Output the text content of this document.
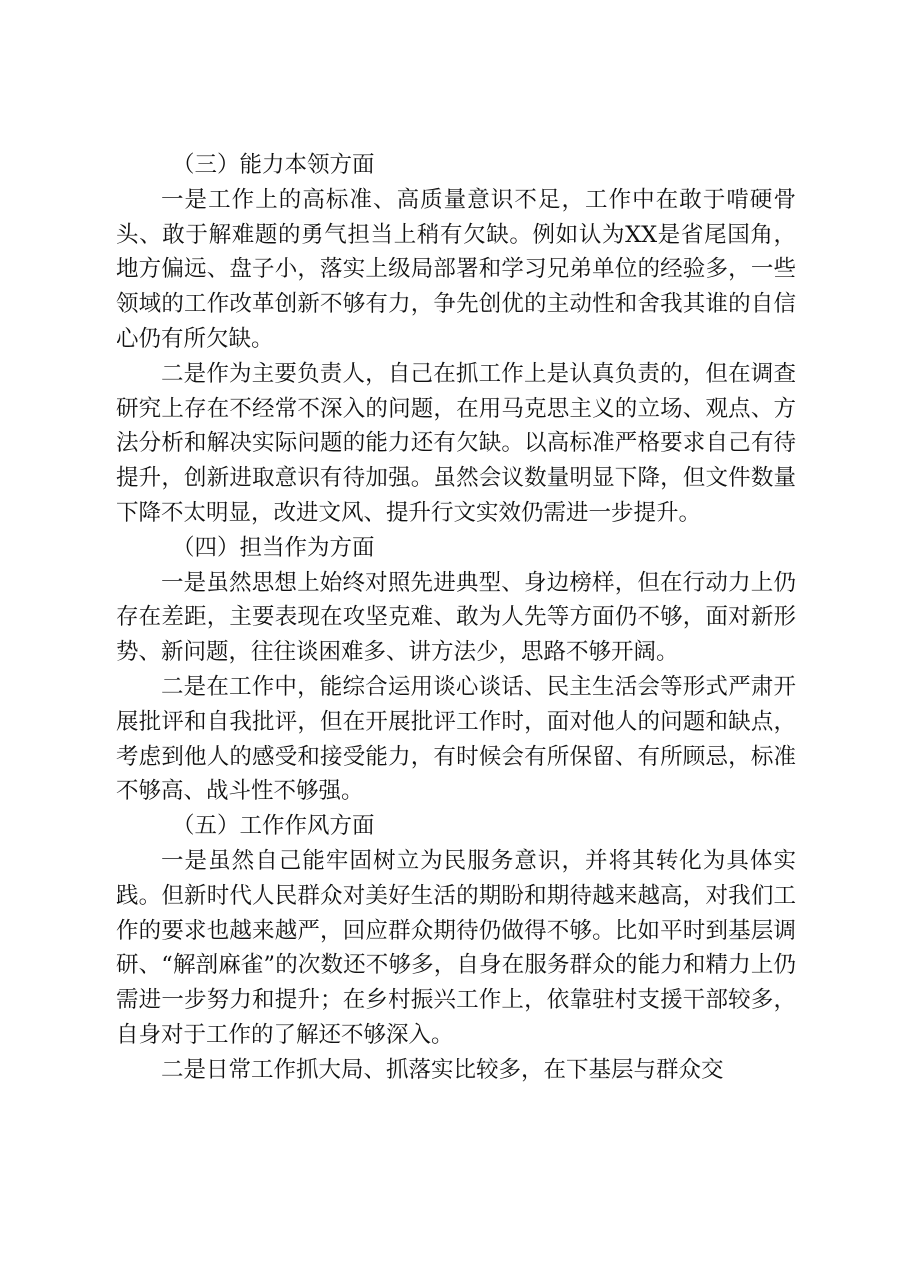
（三）能力本领方面

一是工作上的高标准、高质量意识不足，工作中在敢于啃硬骨头、敢于解难题的勇气担当上稍有欠缺。例如认为XX是省尾国角，地方偏远、盘子小，落实上级局部署和学习兄弟单位的经验多，一些领域的工作改革创新不够有力，争先创优的主动性和舍我其谁的自信心仍有所欠缺。

二是作为主要负责人，自己在抓工作上是认真负责的，但在调查研究上存在不经常不深入的问题，在用马克思主义的立场、观点、方法分析和解决实际问题的能力还有欠缺。以高标准严格要求自己有待提升，创新进取意识有待加强。虽然会议数量明显下降，但文件数量下降不太明显，改进文风、提升行文实效仍需进一步提升。

（四）担当作为方面

一是虽然思想上始终对照先进典型、身边榜样，但在行动力上仍存在差距，主要表现在攻坚克难、敢为人先等方面仍不够，面对新形势、新问题，往往谈困难多、讲方法少，思路不够开阔。

二是在工作中，能综合运用谈心谈话、民主生活会等形式严肃开展批评和自我批评，但在开展批评工作时，面对他人的问题和缺点，考虑到他人的感受和接受能力，有时候会有所保留、有所顾忌，标准不够高、战斗性不够强。

（五）工作作风方面

一是虽然自己能牢固树立为民服务意识，并将其转化为具体实践。但新时代人民群众对美好生活的期盼和期待越来越高，对我们工作的要求也越来越严，回应群众期待仍做得不够。比如平时到基层调研、“解剖麻雀”的次数还不够多，自身在服务群众的能力和精力上仍需进一步努力和提升；在乡村振兴工作上，依靠驻村支援干部较多，自身对于工作的了解还不够深入。

二是日常工作抓大局、抓落实比较多，在下基层与群众交
